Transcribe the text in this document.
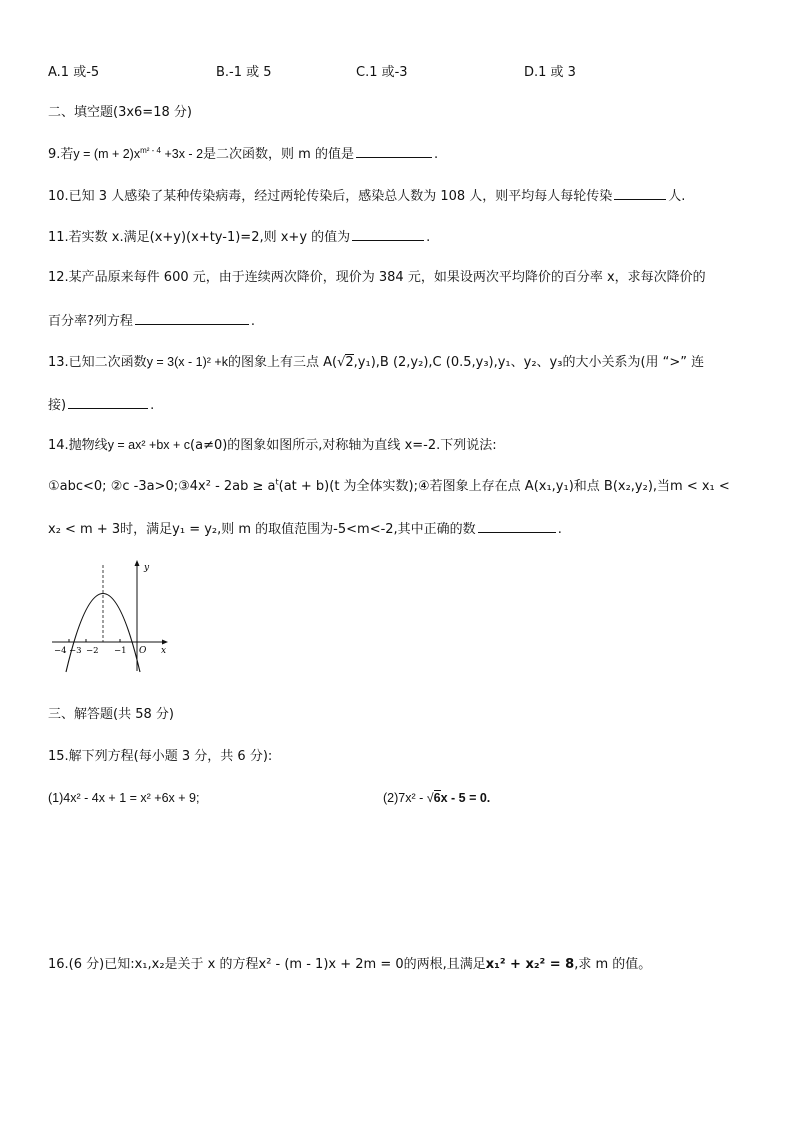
A.1 或-5	B.-1 或 5	C.1 或-3	D.1 或 3
二、填空题(3x6=18 分)
9.若$y = (m + 2)x^{m^2 - 4} +3x - 2$是二次函数，则 m 的值是	.
10.已知 3 人感染了某种传染病毒，经过两轮传染后，感染总人数为 108 人，则平均每人每轮传染	人.
11.若实数 x.满足(x+y)(x+ty-1)=2,则 x+y 的值为	.
12.某产品原来每件 600 元，由于连续两次降价，现价为 384 元，如果设两次平均降价的百分率 x，求每次降价的
百分率?列方程	.
13.已知二次函数y = 3(x - 1)² +k的图象上有三点 A(√2,y₁),B (2,y₂),C (0.5,y₃),y₁、y₂、y₃的大小关系为(用 “>” 连
接)	.
14.抛物线y = ax² +bx + c(a≠0)的图象如图所示,对称轴为直线 x=-2.下列说法:
①abc<0; ②c -3a>0;③4x² - $2ab \ge a^t(at + b)(t$ 为全体实数);④若图象上存在点 A(x₁,y₁)和点 B(x₂,y₂),当m < x₁ <
x₂ < m + 3时，满足y₁ = y₂,则 m 的取值范围为-5<m<-2,其中正确的数	.
y
x
O
−4 −3 −2 −1
三、解答题(共 58 分)
15.解下列方程(每小题 3 分，共 6 分):
(1)4x² - 4x + 1 = x² +6x + 9;	(2)7x² - √6x - 5 = 0.
16.(6 分)已知:x₁,x₂是关于 x 的方程x² - (m - 1)x + 2m = 0的两根,且满足x₁² + x₂² = 8,求 m 的值。
